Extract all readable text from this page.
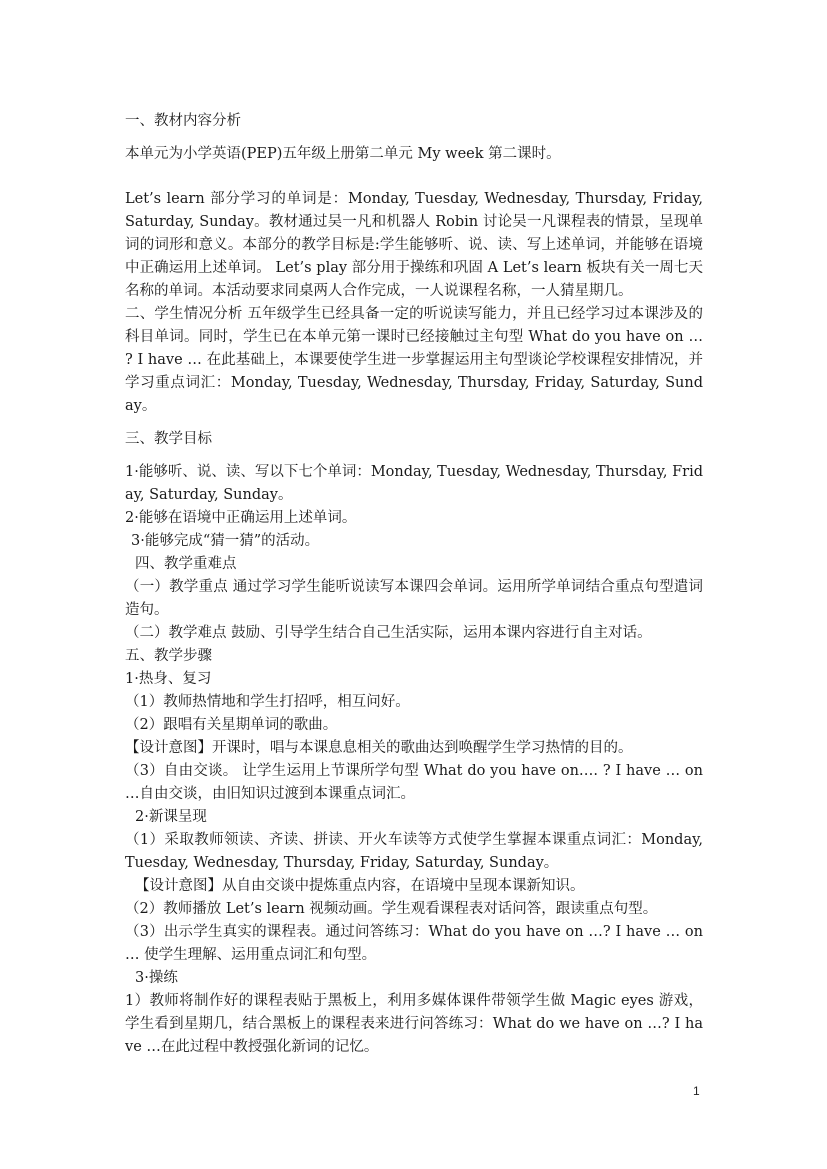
一、教材内容分析

本单元为小学英语(PEP)五年级上册第二单元 My week 第二课时。

Let’s learn 部分学习的单词是：Monday, Tuesday, Wednesday, Thursday, Friday, Saturday, Sunday。教材通过吴一凡和机器人 Robin 讨论吴一凡课程表的情景，呈现单词的词形和意义。本部分的教学目标是:学生能够听、说、读、写上述单词，并能够在语境中正确运用上述单词。 Let’s play 部分用于操练和巩固 A Let’s learn 板块有关一周七天名称的单词。本活动要求同桌两人合作完成，一人说课程名称，一人猜星期几。

二、学生情况分析 五年级学生已经具备一定的听说读写能力，并且已经学习过本课涉及的科目单词。同时，学生已在本单元第一课时已经接触过主句型 What do you have on … ? I have … 在此基础上，本课要使学生进一步掌握运用主句型谈论学校课程安排情况，并学习重点词汇：Monday, Tuesday, Wednesday, Thursday, Friday, Saturday, Sunday。

三、教学目标

1·能够听、说、读、写以下七个单词：Monday, Tuesday, Wednesday, Thursday, Friday, Saturday, Sunday。

2·能够在语境中正确运用上述单词。

3·能够完成“猜一猜”的活动。

四、教学重难点

（一）教学重点 通过学习学生能听说读写本课四会单词。运用所学单词结合重点句型遣词造句。

（二）教学难点 鼓励、引导学生结合自己生活实际，运用本课内容进行自主对话。

五、教学步骤

1·热身、复习

（1）教师热情地和学生打招呼，相互问好。

（2）跟唱有关星期单词的歌曲。

【设计意图】开课时，唱与本课息息相关的歌曲达到唤醒学生学习热情的目的。

（3）自由交谈。 让学生运用上节课所学句型 What do you have on…. ? I have … on …自由交谈，由旧知识过渡到本课重点词汇。

2·新课呈现

（1）采取教师领读、齐读、拼读、开火车读等方式使学生掌握本课重点词汇：Monday, Tuesday, Wednesday, Thursday, Friday, Saturday, Sunday。

【设计意图】从自由交谈中提炼重点内容，在语境中呈现本课新知识。

（2）教师播放 Let’s learn 视频动画。学生观看课程表对话问答，跟读重点句型。

（3）出示学生真实的课程表。通过问答练习：What do you have on …? I have … on … 使学生理解、运用重点词汇和句型。

3·操练

1）教师将制作好的课程表贴于黑板上，利用多媒体课件带领学生做 Magic eyes 游戏，学生看到星期几，结合黑板上的课程表来进行问答练习：What do we have on …? I have …在此过程中教授强化新词的记忆。

1
